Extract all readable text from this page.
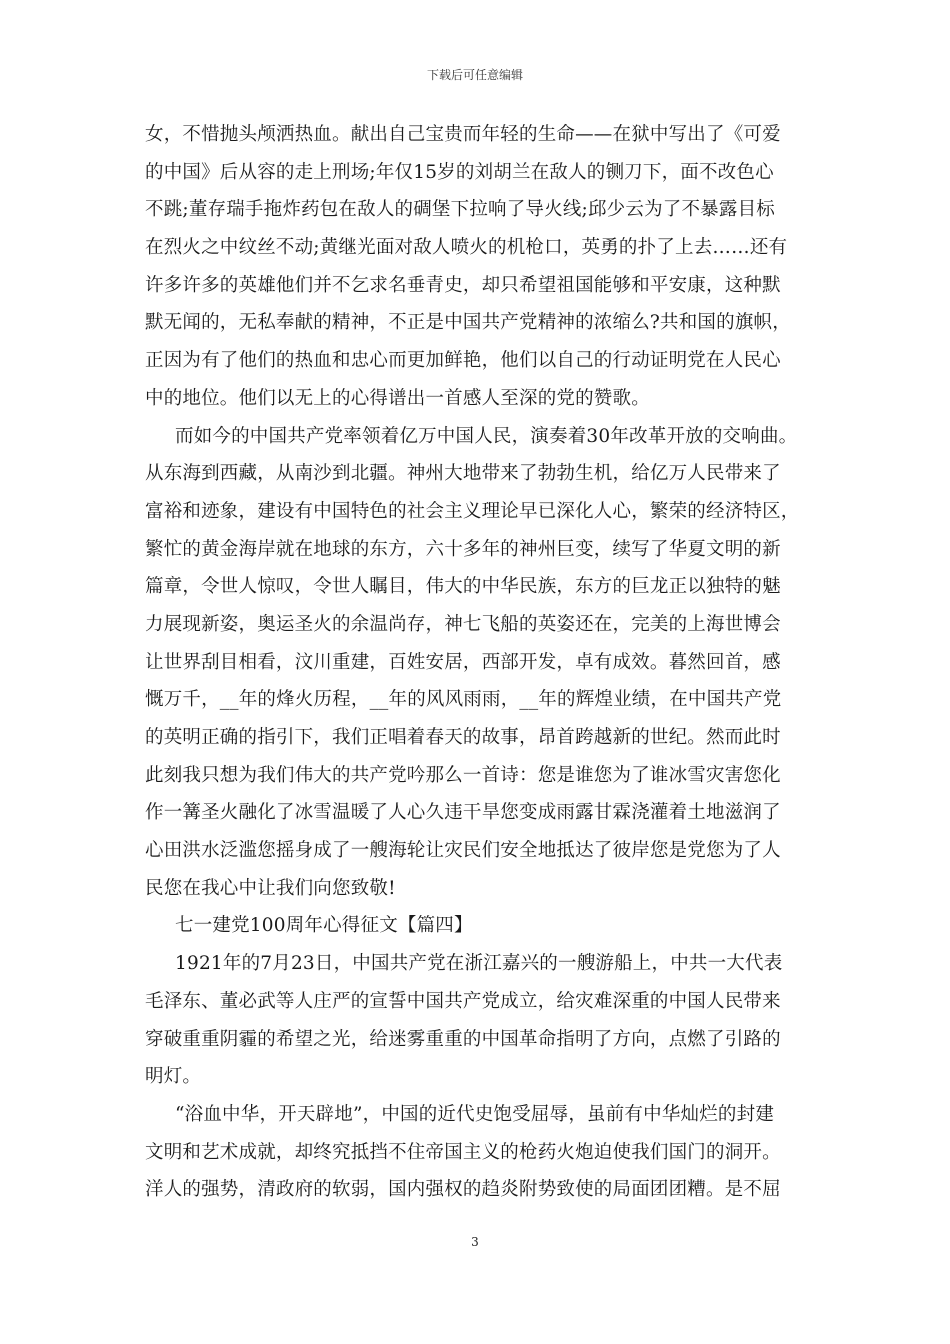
下载后可任意编辑
女，不惜抛头颅洒热血。献出自己宝贵而年轻的生命——在狱中写出了《可爱
的中国》后从容的走上刑场;年仅15岁的刘胡兰在敌人的铡刀下，面不改色心
不跳;董存瑞手拖炸药包在敌人的碉堡下拉响了导火线;邱少云为了不暴露目标
在烈火之中纹丝不动;黄继光面对敌人喷火的机枪口，英勇的扑了上去……还有
许多许多的英雄他们并不乞求名垂青史，却只希望祖国能够和平安康，这种默
默无闻的，无私奉献的精神，不正是中国共产党精神的浓缩么?共和国的旗帜，
正因为有了他们的热血和忠心而更加鲜艳，他们以自己的行动证明党在人民心
中的地位。他们以无上的心得谱出一首感人至深的党的赞歌。
而如今的中国共产党率领着亿万中国人民，演奏着30年改革开放的交响曲。
从东海到西藏，从南沙到北疆。神州大地带来了勃勃生机，给亿万人民带来了
富裕和迹象，建设有中国特色的社会主义理论早已深化人心，繁荣的经济特区，
繁忙的黄金海岸就在地球的东方，六十多年的神州巨变，续写了华夏文明的新
篇章，令世人惊叹，令世人瞩目，伟大的中华民族，东方的巨龙正以独特的魅
力展现新姿，奥运圣火的余温尚存，神七飞船的英姿还在，完美的上海世博会
让世界刮目相看，汶川重建，百姓安居，西部开发，卓有成效。暮然回首，感
慨万千，__年的烽火历程，__年的风风雨雨，__年的辉煌业绩，在中国共产党
的英明正确的指引下，我们正唱着春天的故事，昂首跨越新的世纪。然而此时
此刻我只想为我们伟大的共产党吟那么一首诗：您是谁您为了谁冰雪灾害您化
作一篝圣火融化了冰雪温暖了人心久违干旱您变成雨露甘霖浇灌着土地滋润了
心田洪水泛滥您摇身成了一艘海轮让灾民们安全地抵达了彼岸您是党您为了人
民您在我心中让我们向您致敬!
七一建党100周年心得征文【篇四】
1921年的7月23日，中国共产党在浙江嘉兴的一艘游船上，中共一大代表
毛泽东、董必武等人庄严的宣誓中国共产党成立，给灾难深重的中国人民带来
穿破重重阴霾的希望之光，给迷雾重重的中国革命指明了方向，点燃了引路的
明灯。
“浴血中华，开天辟地”，中国的近代史饱受屈辱，虽前有中华灿烂的封建
文明和艺术成就，却终究抵挡不住帝国主义的枪药火炮迫使我们国门的洞开。
洋人的强势，清政府的软弱，国内强权的趋炎附势致使的局面团团糟。是不屈
3
